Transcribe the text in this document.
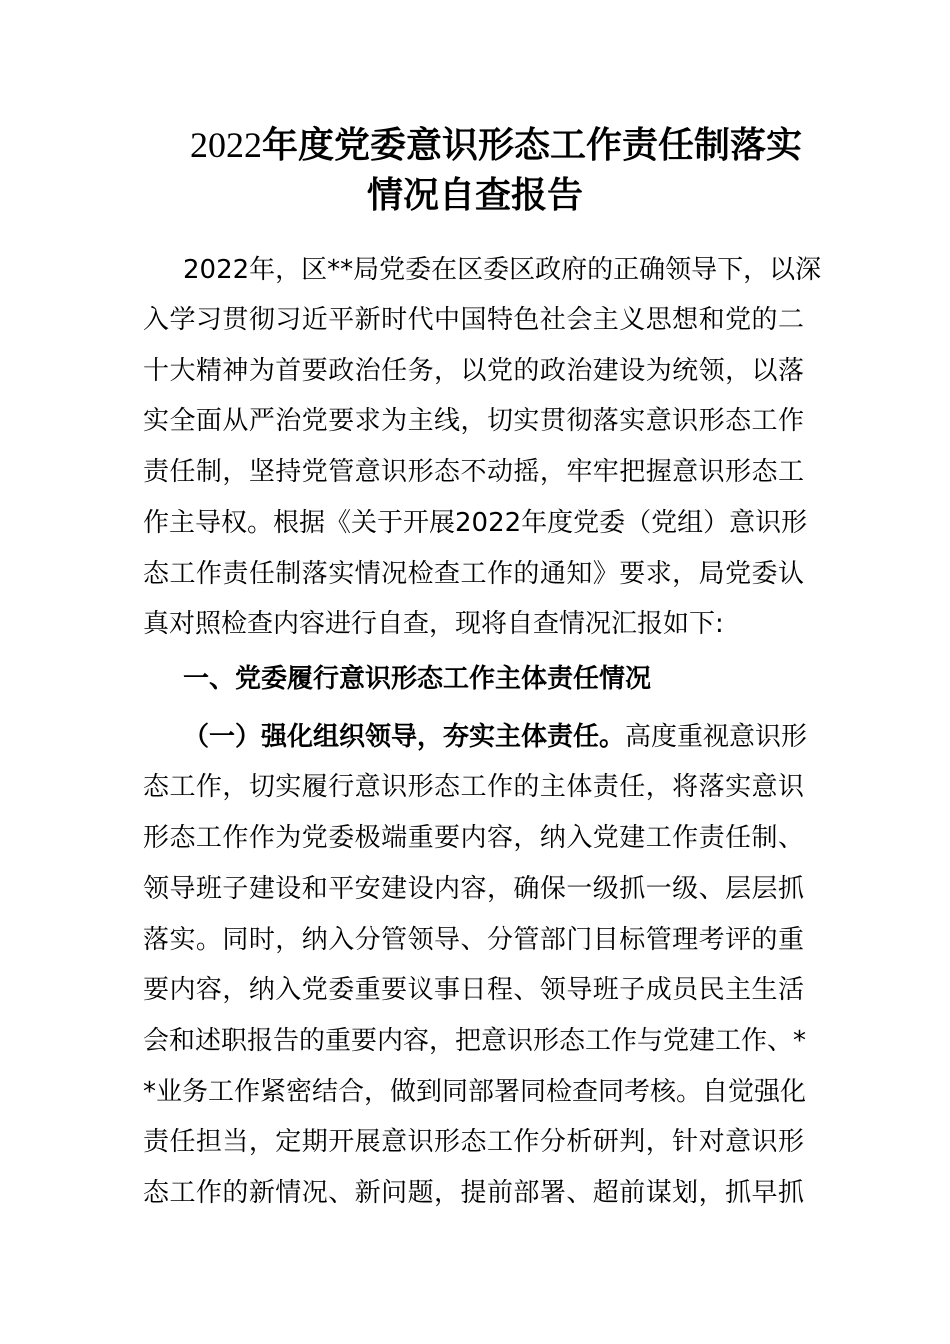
2022年度党委意识形态工作责任制落实
情况自查报告
2022年，区**局党委在区委区政府的正确领导下，以深
入学习贯彻习近平新时代中国特色社会主义思想和党的二
十大精神为首要政治任务，以党的政治建设为统领，以落
实全面从严治党要求为主线，切实贯彻落实意识形态工作
责任制，坚持党管意识形态不动摇，牢牢把握意识形态工
作主导权。根据《关于开展2022年度党委（党组）意识形
态工作责任制落实情况检查工作的通知》要求，局党委认
真对照检查内容进行自查，现将自查情况汇报如下:
一、党委履行意识形态工作主体责任情况
（一）强化组织领导，夯实主体责任。高度重视意识形
态工作，切实履行意识形态工作的主体责任，将落实意识
形态工作作为党委极端重要内容，纳入党建工作责任制、
领导班子建设和平安建设内容，确保一级抓一级、层层抓
落实。同时，纳入分管领导、分管部门目标管理考评的重
要内容，纳入党委重要议事日程、领导班子成员民主生活
会和述职报告的重要内容，把意识形态工作与党建工作、*
*业务工作紧密结合，做到同部署同检查同考核。自觉强化
责任担当，定期开展意识形态工作分析研判，针对意识形
态工作的新情况、新问题，提前部署、超前谋划，抓早抓
